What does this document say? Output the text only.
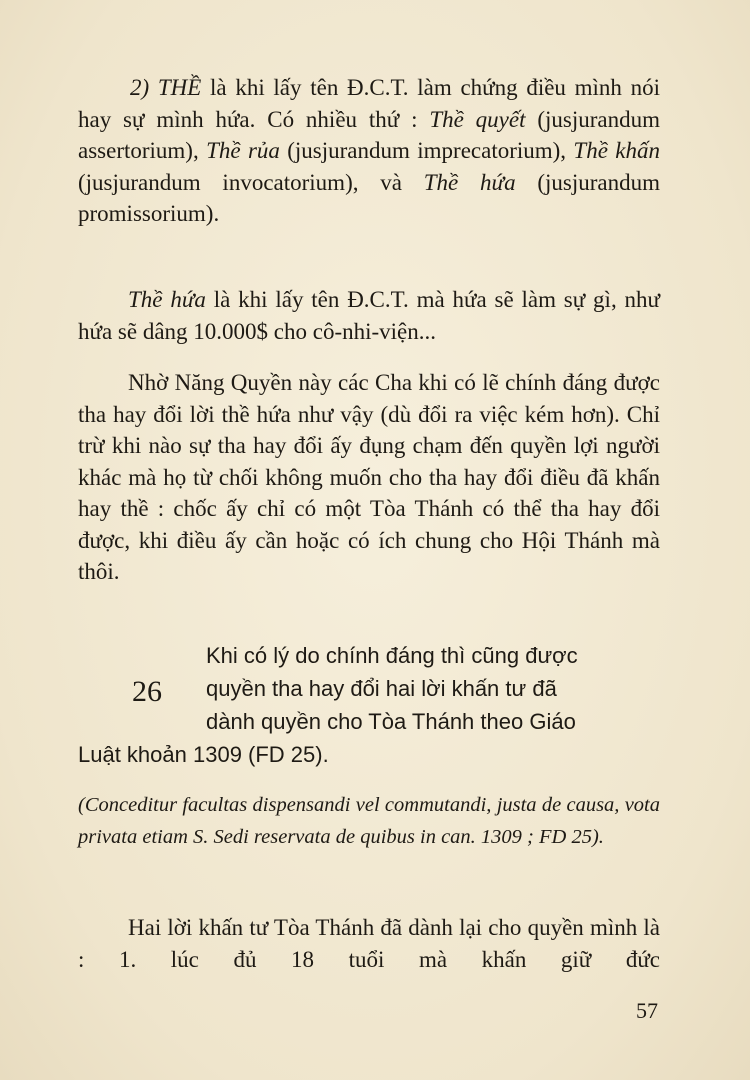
2) THỀ là khi lấy tên Đ.C.T. làm chứng điều mình nói hay sự mình hứa. Có nhiều thứ : Thề quyết (jusjurandum assertorium), Thề rủa (jusjurandum imprecatorium), Thề khấn (jusjurandum invocatorium), và Thề hứa (jusjurandum promissorium).

Thề hứa là khi lấy tên Đ.C.T. mà hứa sẽ làm sự gì, như hứa sẽ dâng 10.000$ cho cô-nhi-viện...

Nhờ Năng Quyền này các Cha khi có lẽ chính đáng được tha hay đổi lời thề hứa như vậy (dù đổi ra việc kém hơn). Chỉ trừ khi nào sự tha hay đổi ấy đụng chạm đến quyền lợi người khác mà họ từ chối không muốn cho tha hay đổi điều đã khấn hay thề : chốc ấy chỉ có một Tòa Thánh có thể tha hay đổi được, khi điều ấy cần hoặc có ích chung cho Hội Thánh mà thôi.

26
Khi có lý do chính đáng thì cũng được
quyền tha hay đổi hai lời khấn tư đã
dành quyền cho Tòa Thánh theo Giáo
Luật khoản 1309 (FD 25).

(Conceditur facultas dispensandi vel commutandi, justa de causa, vota privata etiam S. Sedi reservata de quibus in can. 1309 ; FD 25).

Hai lời khấn tư Tòa Thánh đã dành lại cho quyền mình là : 1. lúc đủ 18 tuổi mà khấn giữ đức

57
